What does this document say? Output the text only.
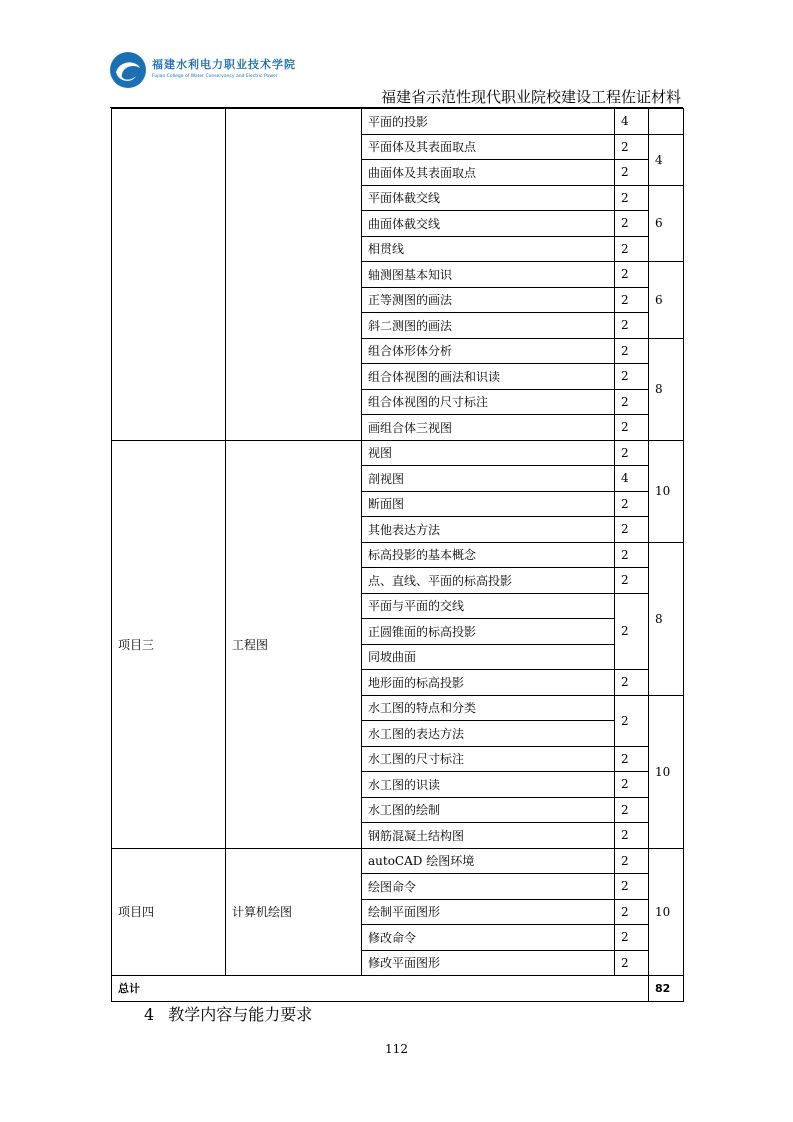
福建水利电力职业技术学院
Fujian College of Water Conservancy and Electric Power
福建省示范性现代职业院校建设工程佐证材料
		平面的投影	4	
		平面体及其表面取点	2	4
		曲面体及其表面取点	2	
		平面体截交线	2	6
		曲面体截交线	2	
		相贯线	2	
		轴测图基本知识	2	6
		正等测图的画法	2	
		斜二测图的画法	2	
		组合体形体分析	2	8
		组合体视图的画法和识读	2	
		组合体视图的尺寸标注	2	
		画组合体三视图	2	
项目三	工程图	视图	2	10
		剖视图	4	
		断面图	2	
		其他表达方法	2	
		标高投影的基本概念	2	8
		点、直线、平面的标高投影	2	
		平面与平面的交线	2	
		正圆锥面的标高投影		
		同坡曲面		
		地形面的标高投影	2	
		水工图的特点和分类	2	10
		水工图的表达方法		
		水工图的尺寸标注	2	
		水工图的识读	2	
		水工图的绘制	2	
		钢筋混凝土结构图	2	
项目四	计算机绘图	autoCAD 绘图环境	2	10
		绘图命令	2	
		绘制平面图形	2	
		修改命令	2	
		修改平面图形	2	
总计				82
4 教学内容与能力要求
112
